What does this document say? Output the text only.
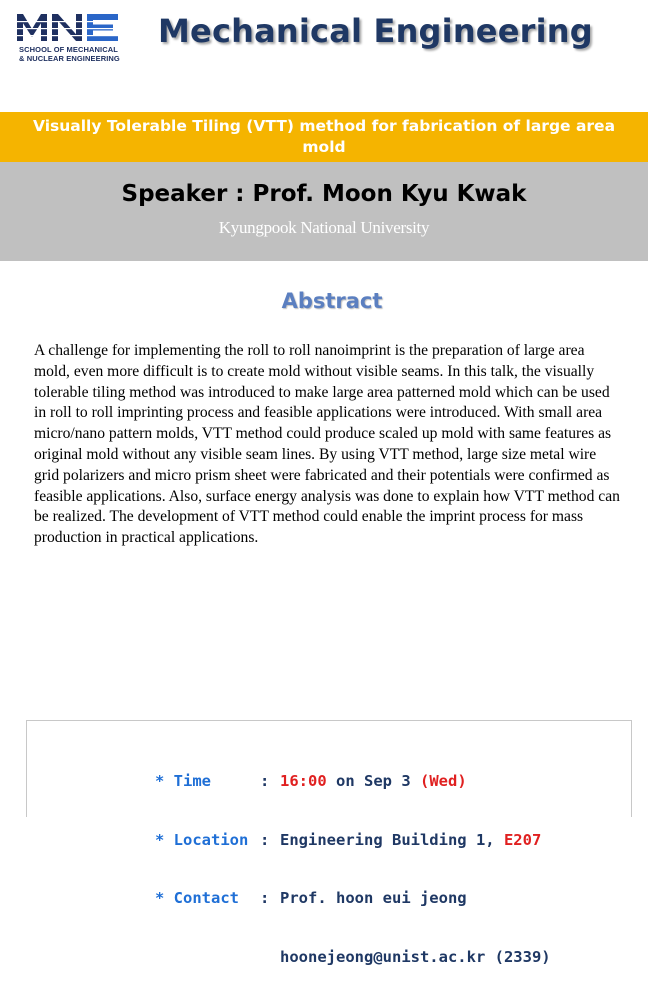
MNE
SCHOOL OF MECHANICAL
& NUCLEAR ENGINEERING
Mechanical Engineering
Visually Tolerable Tiling (VTT) method for fabrication of large area mold
Speaker : Prof. Moon Kyu Kwak
Kyungpook National University
Abstract
A challenge for implementing the roll to roll nanoimprint is the preparation of large area mold, even more difficult is to create mold without visible seams. In this talk, the visually tolerable tiling method was introduced to make large area patterned mold which can be used in roll to roll imprinting process and feasible applications were introduced. With small area micro/nano pattern molds, VTT method could produce scaled up mold with same features as original mold without any visible seam lines. By using VTT method, large size metal wire grid polarizers and micro prism sheet were fabricated and their potentials were confirmed as feasible applications. Also, surface energy analysis was done to explain how VTT method can be realized. The development of VTT method could enable the imprint process for mass production in practical applications.

* Time	: 16:00 on Sep 3 (Wed)

* Location : Engineering Building 1, E207

* Contact : Prof. hoon eui jeong

hoonejeong@unist.ac.kr (2339)
